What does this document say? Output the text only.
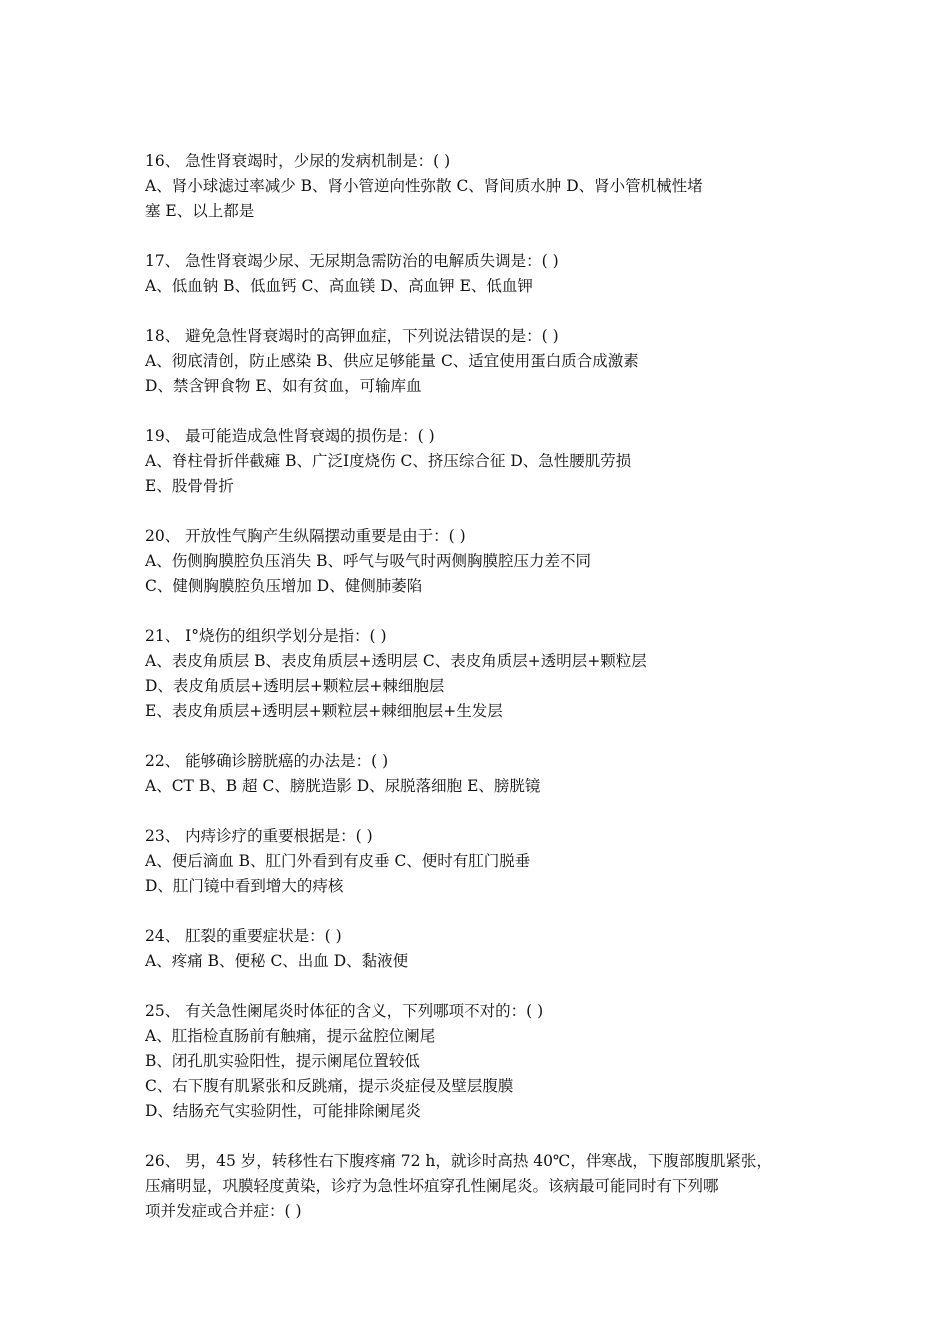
16、 急性肾衰竭时，少尿的发病机制是：( )
A、肾小球滤过率减少 B、肾小管逆向性弥散 C、肾间质水肿 D、肾小管机械性堵
塞 E、以上都是
17、 急性肾衰竭少尿、无尿期急需防治的电解质失调是：( )
A、低血钠 B、低血钙 C、高血镁 D、高血钾 E、低血钾
18、 避免急性肾衰竭时的高钾血症，下列说法错误的是：( )
A、彻底清创，防止感染 B、供应足够能量 C、适宜使用蛋白质合成激素
D、禁含钾食物 E、如有贫血，可输库血
19、 最可能造成急性肾衰竭的损伤是：( )
A、脊柱骨折伴截瘫 B、广泛Ⅰ度烧伤 C、挤压综合征 D、急性腰肌劳损
E、股骨骨折
20、 开放性气胸产生纵隔摆动重要是由于：( )
A、伤侧胸膜腔负压消失 B、呼气与吸气时两侧胸膜腔压力差不同
C、健侧胸膜腔负压增加 D、健侧肺萎陷
21、 Ⅰ°烧伤的组织学划分是指：( )
A、表皮角质层 B、表皮角质层+透明层 C、表皮角质层+透明层+颗粒层
D、表皮角质层+透明层+颗粒层+棘细胞层
E、表皮角质层+透明层+颗粒层+棘细胞层+生发层
22、 能够确诊膀胱癌的办法是：( )
A、CT B、B 超 C、膀胱造影 D、尿脱落细胞 E、膀胱镜
23、 内痔诊疗的重要根据是：( )
A、便后滴血 B、肛门外看到有皮垂 C、便时有肛门脱垂
D、肛门镜中看到增大的痔核
24、 肛裂的重要症状是：( )
A、疼痛 B、便秘 C、出血 D、黏液便
25、 有关急性阑尾炎时体征的含义，下列哪项不对的：( )
A、肛指检直肠前有触痛，提示盆腔位阑尾
B、闭孔肌实验阳性，提示阑尾位置较低
C、右下腹有肌紧张和反跳痛，提示炎症侵及壁层腹膜
D、结肠充气实验阴性，可能排除阑尾炎
26、 男，45 岁，转移性右下腹疼痛 72 h，就诊时高热 40℃，伴寒战，下腹部腹肌紧张，
压痛明显，巩膜轻度黄染，诊疗为急性坏疽穿孔性阑尾炎。该病最可能同时有下列哪
项并发症或合并症：( )
